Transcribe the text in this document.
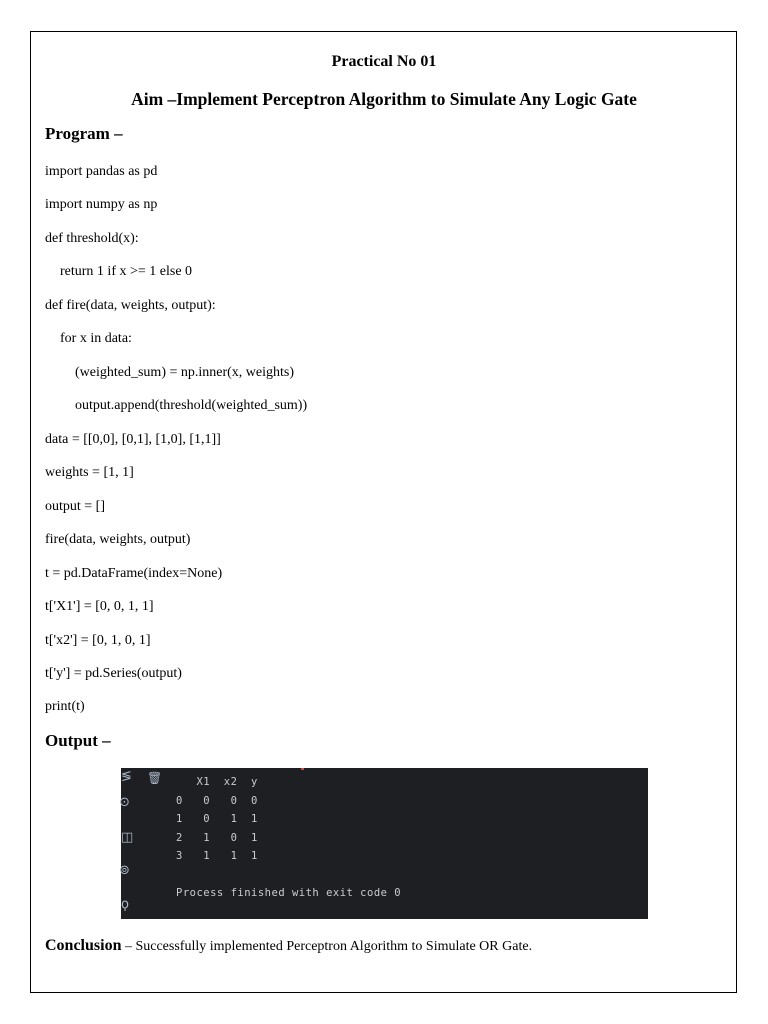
Practical No 01
Aim –Implement Perceptron Algorithm to Simulate Any Logic Gate
Program –
import pandas as pd
import numpy as np
def threshold(x):
return 1 if x >= 1 else 0
def fire(data, weights, output):
for x in data:
(weighted_sum) = np.inner(x, weights)
output.append(threshold(weighted_sum))
data = [[0,0], [0,1], [1,0], [1,1]]
weights = [1, 1]
output = []
fire(data, weights, output)
t = pd.DataFrame(index=None)
t['X1'] = [0, 0, 1, 1]
t['x2'] = [0, 1, 0, 1]
t['y'] = pd.Series(output)
print(t)
Output –
≶
⊙
◫
⊚
ϙ
🗑 X1  x2  y
0   0   0  0
1   0   1  1
2   1   0  1
3   1   1  1
Process finished with exit code 0
Conclusion – Successfully implemented Perceptron Algorithm to Simulate OR Gate.
